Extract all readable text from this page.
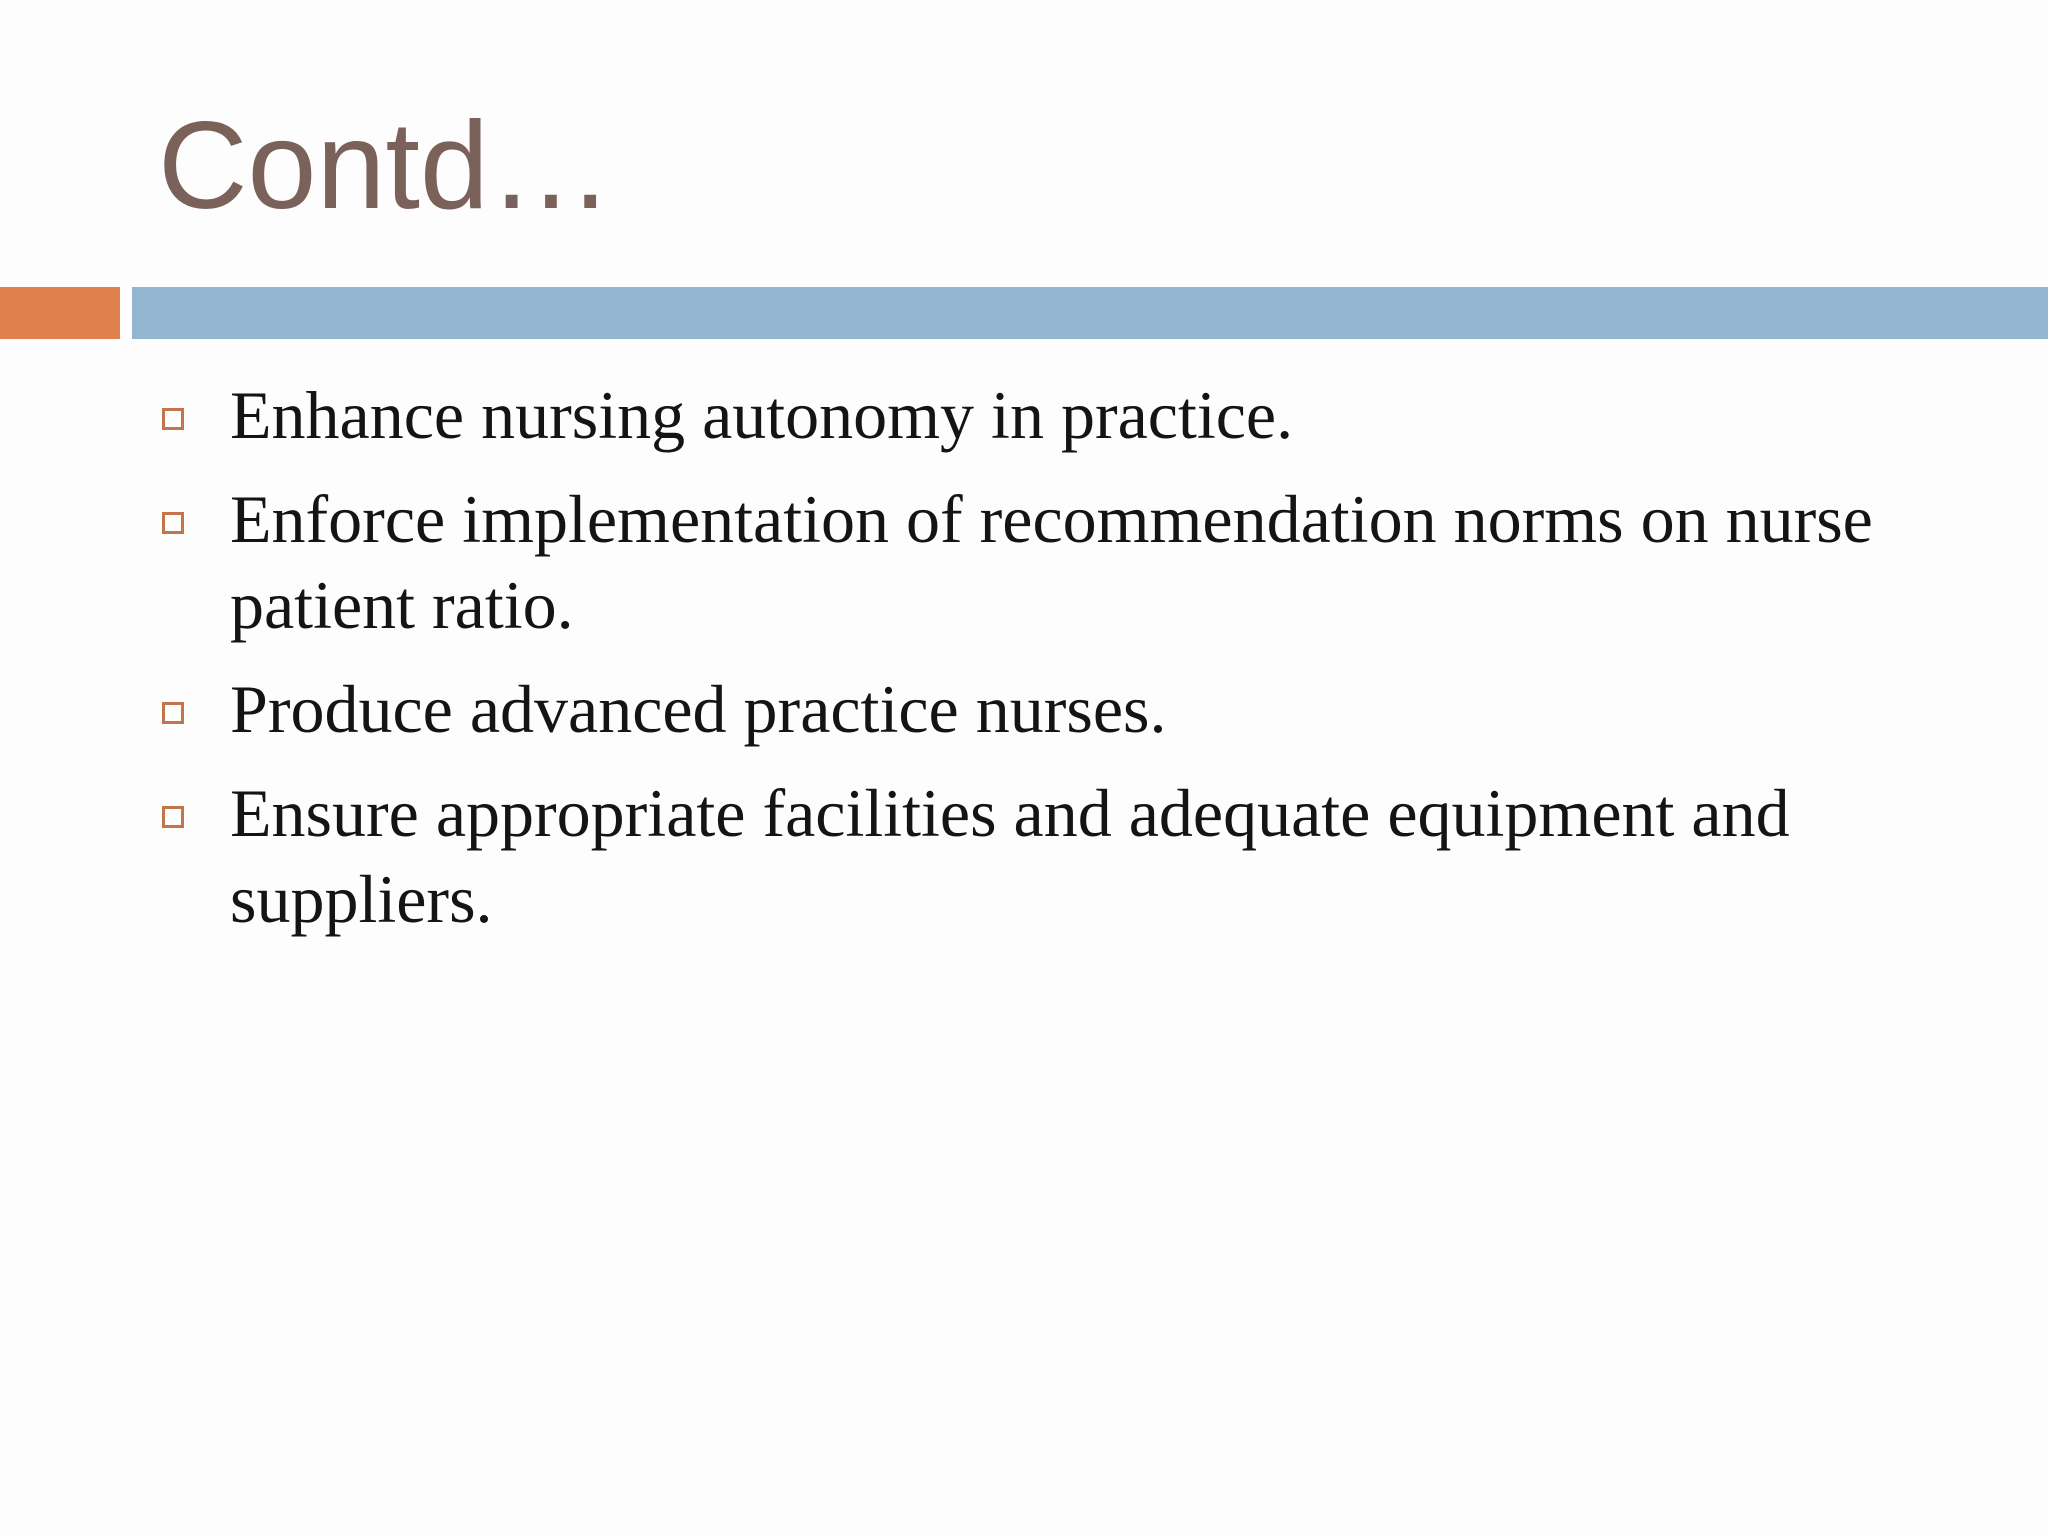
Contd…
Enhance nursing autonomy in practice.
Enforce implementation of recommendation norms on nurse patient ratio.
Produce advanced practice nurses.
Ensure appropriate facilities and adequate equipment and suppliers.
